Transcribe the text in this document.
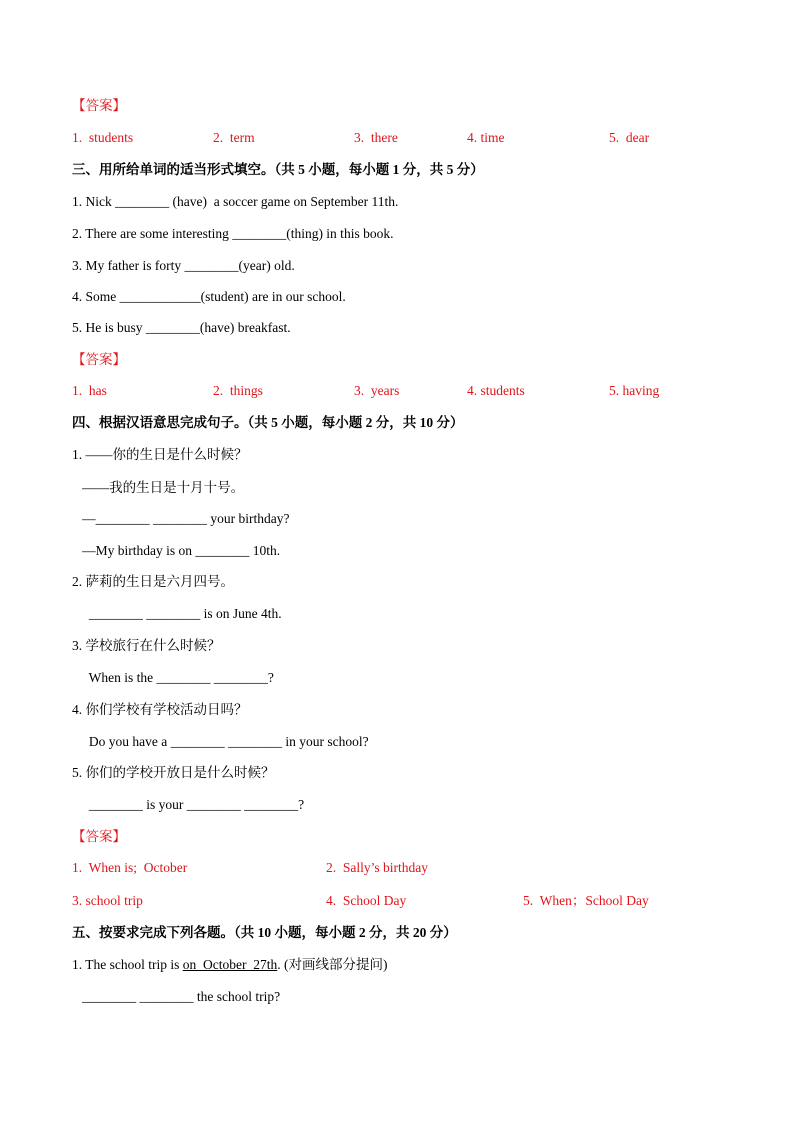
【答案】
1.  students	2.  term	3.  there	4. time	5.  dear
三、用所给单词的适当形式填空。（共 5 小题，每小题 1 分，共 5 分）
1. Nick ________ (have)  a soccer game on September 11th.
2. There are some interesting ________(thing) in this book.
3. My father is forty ________(year) old.
4. Some ____________(student) are in our school.
5. He is busy ________(have) breakfast.
【答案】
1.  has	2.  things	3.  years	4. students	5. having
四、根据汉语意思完成句子。（共 5 小题，每小题 2 分，共 10 分）
1. ——你的生日是什么时候？
——我的生日是十月十号。
—________ ________ your birthday?
—My birthday is on ________ 10th.
2. 萨莉的生日是六月四号。
________ ________ is on June 4th.
3. 学校旅行在什么时候？
When is the ________ ________?
4. 你们学校有学校活动日吗？
Do you have a ________ ________ in your school?
5. 你们的学校开放日是什么时候？
________ is your ________ ________?
【答案】
1.  When is;  October	2.  Sally’s birthday
3. school trip	4.  School Day	5.  When；School Day
五、按要求完成下列各题。（共 10 小题，每小题 2 分，共 20 分）
1. The school trip is on  October  27th. (对画线部分提问)
________ ________ the school trip?
